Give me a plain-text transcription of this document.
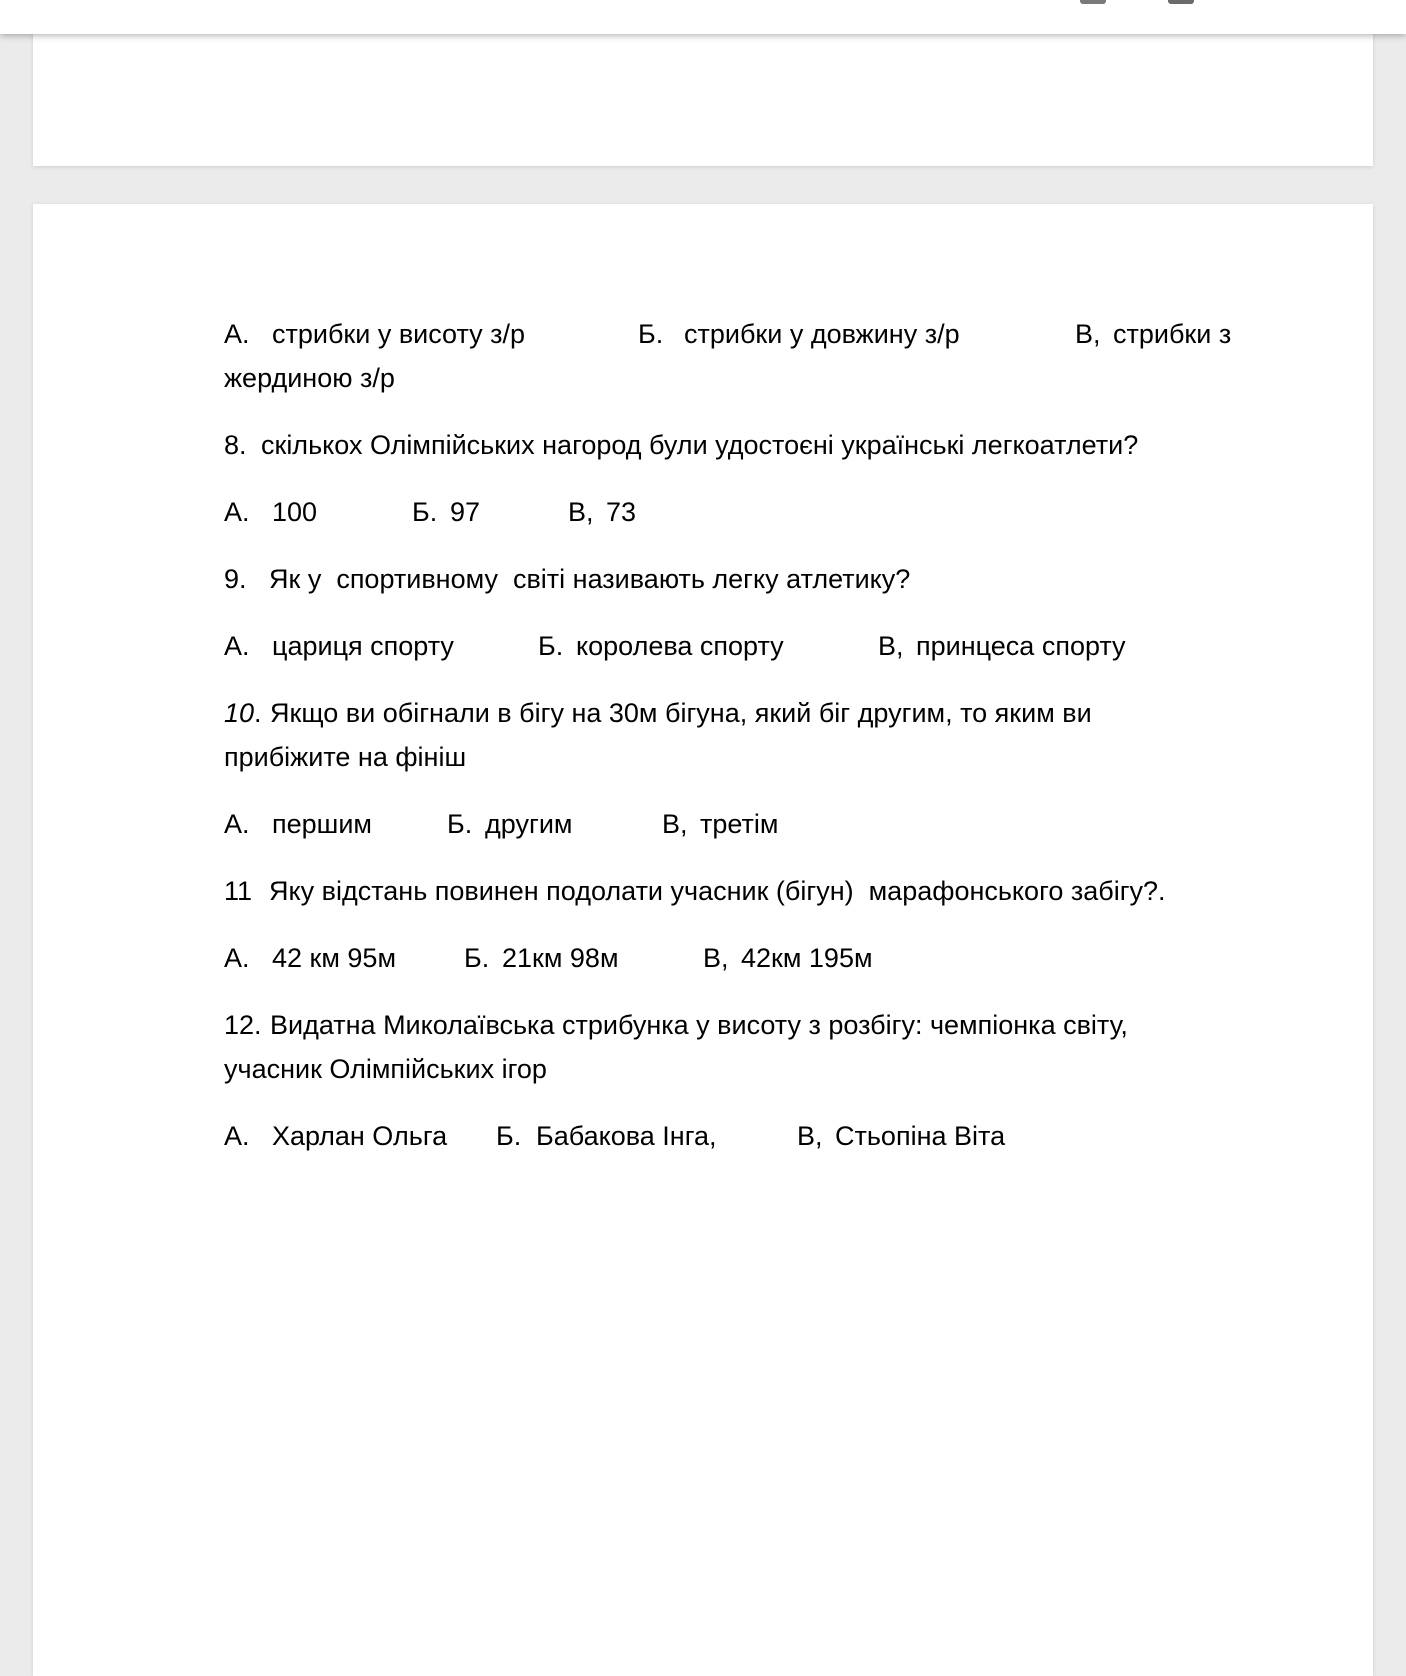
А. стрибки у висоту з/р	Б. стрибки у довжину з/р	В, стрибки з
жердиною з/р
8. скількох Олімпійських нагород були удостоєні українські легкоатлети?
А. 100	Б. 97	В, 73
9. Як у  спортивному  світі називають легку атлетику?
А. цариця спорту	Б. королева спорту	В, принцеса спорту
10. Якщо ви обігнали в бігу на 30м бігуна, який біг другим, то яким ви
прибіжите на фініш
А. першим	Б. другим	В, третім
11 Яку відстань повинен подолати учасник (бігун)  марафонського забігу?.
А. 42 км 95м	Б. 21км 98м	В, 42км 195м
12. Видатна Миколаївська стрибунка у висоту з розбігу: чемпіонка світу,
учасник Олімпійських ігор
А. Харлан Ольга Б. Бабакова Інга,	В, Стьопіна Віта
